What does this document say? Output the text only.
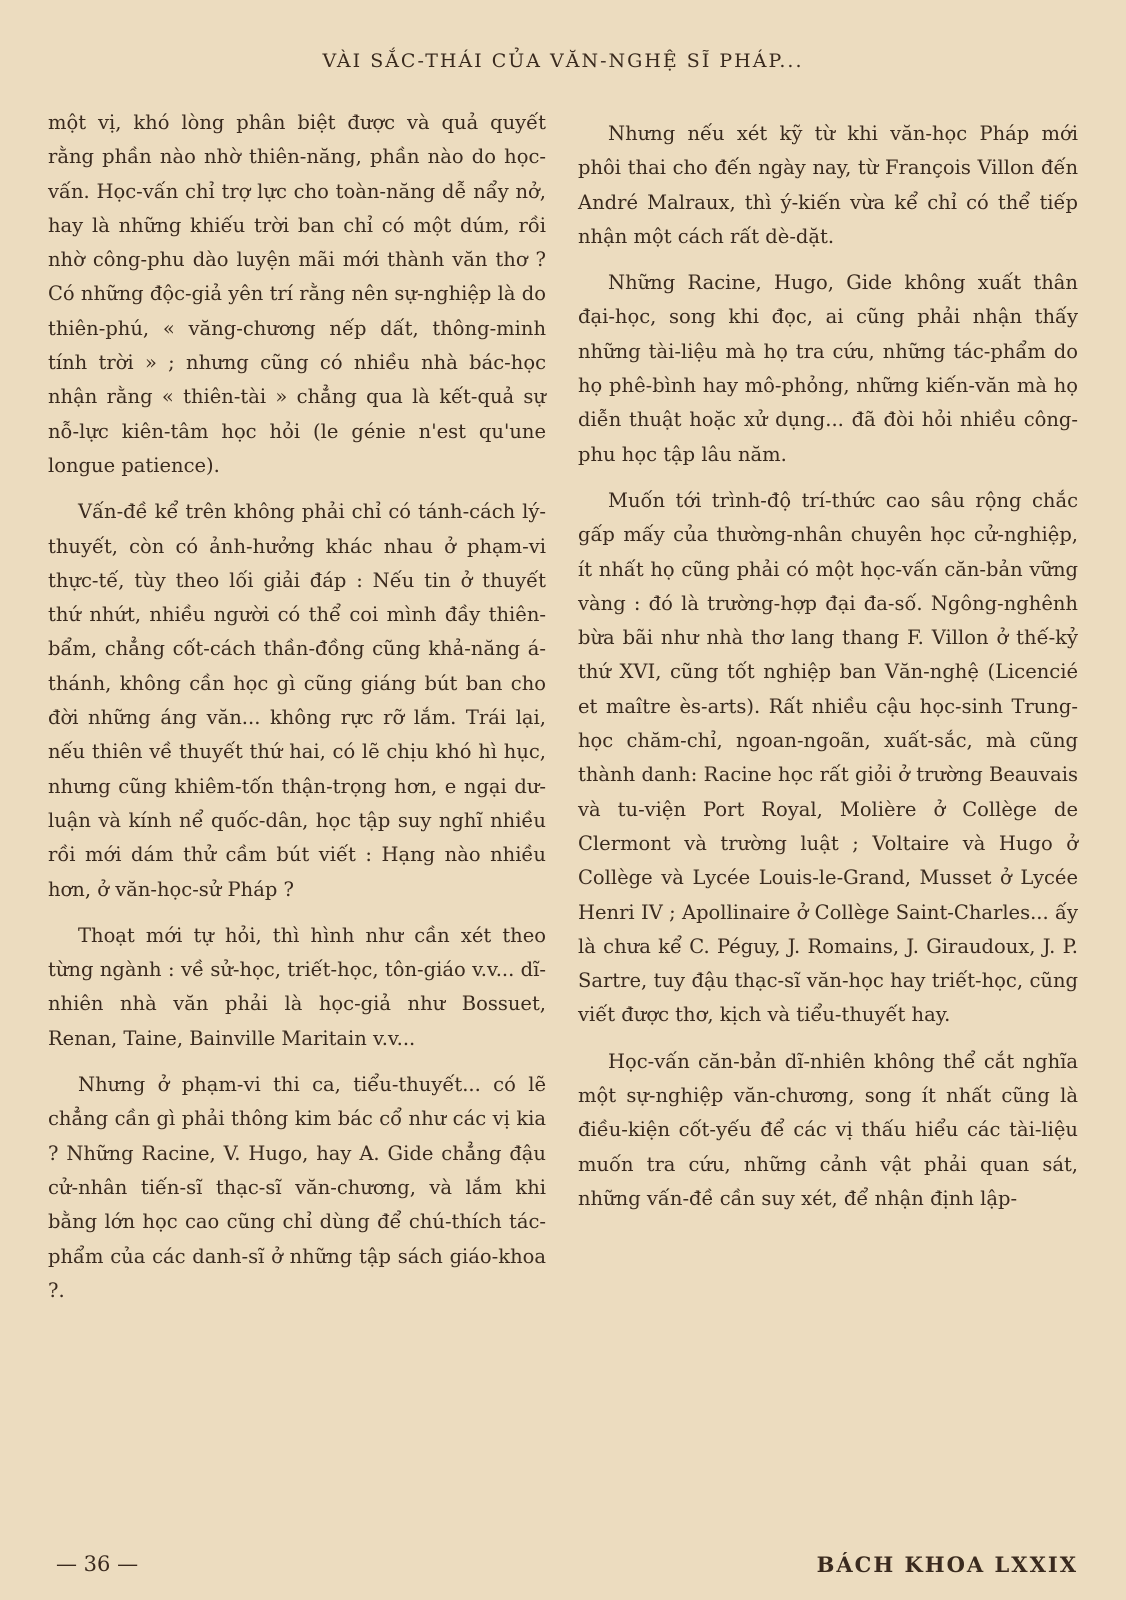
VÀI SẮC-THÁI CỦA VĂN-NGHỆ SĨ PHÁP...

một vị, khó lòng phân biệt được và quả quyết rằng phần nào nhờ thiên-năng, phần nào do học-vấn. Học-vấn chỉ trợ lực cho toàn-năng dễ nẩy nở, hay là những khiếu trời ban chỉ có một dúm, rồi nhờ công-phu dào luyện mãi mới thành văn thơ ? Có những độc-giả yên trí rằng nên sự-nghiệp là do thiên-phú, « văng-chương nếp dất, thông-minh tính trời » ; nhưng cũng có nhiều nhà bác-học nhận rằng « thiên-tài » chẳng qua là kết-quả sự nỗ-lực kiên-tâm học hỏi (le génie n'est qu'une longue patience).

Vấn-đề kể trên không phải chỉ có tánh-cách lý-thuyết, còn có ảnh-hưởng khác nhau ở phạm-vi thực-tế, tùy theo lối giải đáp : Nếu tin ở thuyết thứ nhứt, nhiều người có thể coi mình đầy thiên-bẩm, chẳng cốt-cách thần-đồng cũng khả-năng á-thánh, không cần học gì cũng giáng bút ban cho đời những áng văn... không rực rỡ lắm. Trái lại, nếu thiên về thuyết thứ hai, có lẽ chịu khó hì hục, nhưng cũng khiêm-tốn thận-trọng hơn, e ngại dư-luận và kính nể quốc-dân, học tập suy nghĩ nhiều rồi mới dám thử cầm bút viết : Hạng nào nhiều hơn, ở văn-học-sử Pháp ?

Thoạt mới tự hỏi, thì hình như cần xét theo từng ngành : về sử-học, triết-học, tôn-giáo v.v... dĩ-nhiên nhà văn phải là học-giả như Bossuet, Renan, Taine, Bainville Maritain v.v...

Nhưng ở phạm-vi thi ca, tiểu-thuyết... có lẽ chẳng cần gì phải thông kim bác cổ như các vị kia ? Những Racine, V. Hugo, hay A. Gide chẳng đậu cử-nhân tiến-sĩ thạc-sĩ văn-chương, và lắm khi bằng lớn học cao cũng chỉ dùng để chú-thích tác-phẩm của các danh-sĩ ở những tập sách giáo-khoa ?.

Nhưng nếu xét kỹ từ khi văn-học Pháp mới phôi thai cho đến ngày nay, từ François Villon đến André Malraux, thì ý-kiến vừa kể chỉ có thể tiếp nhận một cách rất dè-dặt.

Những Racine, Hugo, Gide không xuất thân đại-học, song khi đọc, ai cũng phải nhận thấy những tài-liệu mà họ tra cứu, những tác-phẩm do họ phê-bình hay mô-phỏng, những kiến-văn mà họ diễn thuật hoặc xử dụng... đã đòi hỏi nhiều công-phu học tập lâu năm.

Muốn tới trình-độ trí-thức cao sâu rộng chắc gấp mấy của thường-nhân chuyên học cử-nghiệp, ít nhất họ cũng phải có một học-vấn căn-bản vững vàng : đó là trường-hợp đại đa-số. Ngông-nghênh bừa bãi như nhà thơ lang thang F. Villon ở thế-kỷ thứ XVI, cũng tốt nghiệp ban Văn-nghệ (Licencié et maître ès-arts). Rất nhiều cậu học-sinh Trung-học chăm-chỉ, ngoan-ngoãn, xuất-sắc, mà cũng thành danh: Racine học rất giỏi ở trường Beauvais và tu-viện Port Royal, Molière ở Collège de Clermont và trường luật ; Voltaire và Hugo ở Collège và Lycée Louis-le-Grand, Musset ở Lycée Henri IV ; Apollinaire ở Collège Saint-Charles... ấy là chưa kể C. Péguy, J. Romains, J. Giraudoux, J. P. Sartre, tuy đậu thạc-sĩ văn-học hay triết-học, cũng viết được thơ, kịch và tiểu-thuyết hay.

Học-vấn căn-bản dĩ-nhiên không thể cắt nghĩa một sự-nghiệp văn-chương, song ít nhất cũng là điều-kiện cốt-yếu để các vị thấu hiểu các tài-liệu muốn tra cứu, những cảnh vật phải quan sát, những vấn-đề cần suy xét, để nhận định lập-

— 36 —	BÁCH KHOA LXXIX
